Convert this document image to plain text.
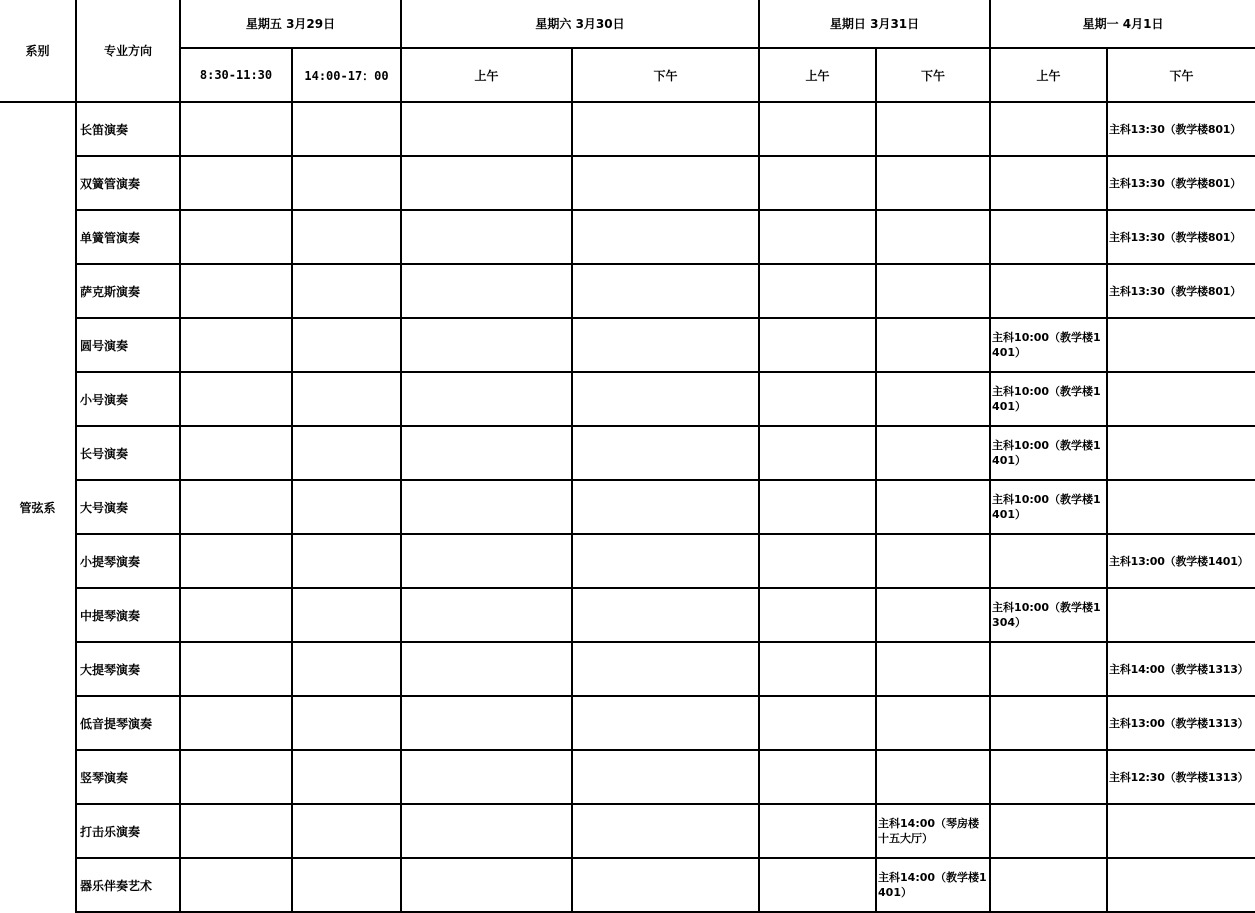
系别	专业方向	星期五 3月29日		星期六 3月30日		星期日 3月31日		星期一 4月1日	
		8:30-11:30	14:00-17：00	上午	下午	上午	下午	上午	下午
管弦系	长笛演奏								主科13:30（教学楼801）
	双簧管演奏								主科13:30（教学楼801）
	单簧管演奏								主科13:30（教学楼801）
	萨克斯演奏								主科13:30（教学楼801）
	圆号演奏							主科10:00（教学楼1401）	
	小号演奏							主科10:00（教学楼1401）	
	长号演奏							主科10:00（教学楼1401）	
	大号演奏							主科10:00（教学楼1401）	
	小提琴演奏								主科13:00（教学楼1401）
	中提琴演奏							主科10:00（教学楼1304）	
	大提琴演奏								主科14:00（教学楼1313）
	低音提琴演奏								主科13:00（教学楼1313）
	竖琴演奏								主科12:30（教学楼1313）
	打击乐演奏						主科14:00（琴房楼十五大厅）		
	器乐伴奏艺术						主科14:00（教学楼1401）		
